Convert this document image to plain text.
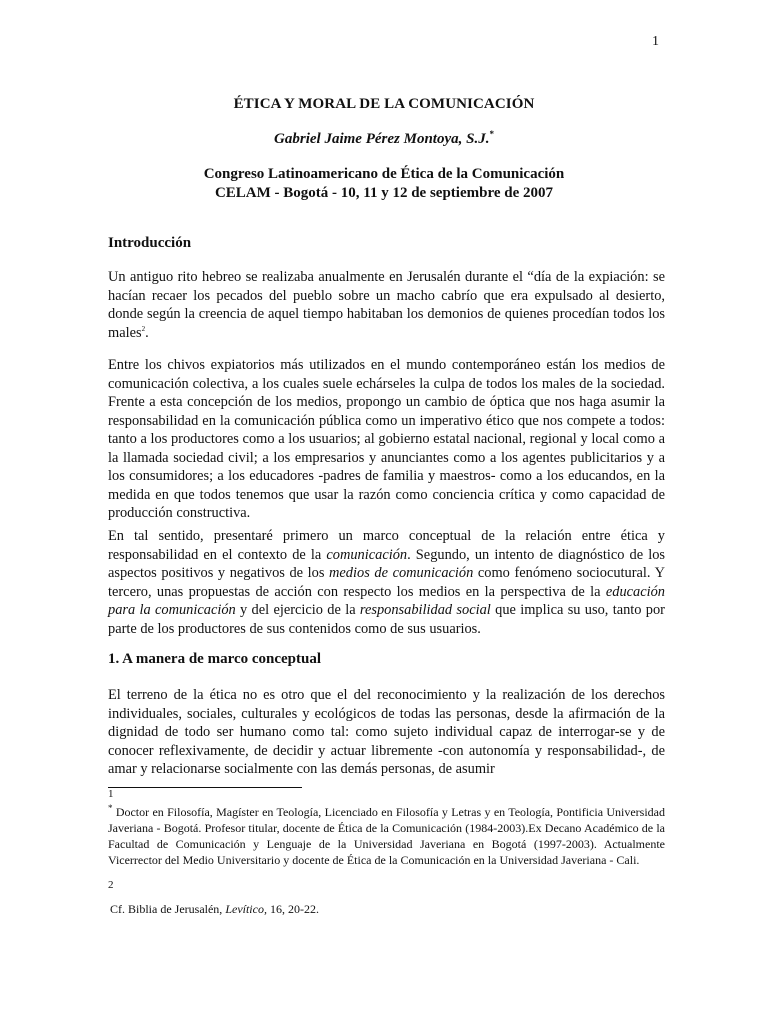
1
ÉTICA Y MORAL DE LA COMUNICACIÓN
Gabriel Jaime Pérez Montoya, S.J.*
Congreso Latinoamericano de Ética de la Comunicación
CELAM - Bogotá - 10, 11 y 12 de septiembre de 2007
Introducción

Un antiguo rito hebreo se realizaba anualmente en Jerusalén durante el “día de la expiación: se hacían recaer los pecados del pueblo sobre un macho cabrío que era expulsado al desierto, donde según la creencia de aquel tiempo habitaban los demonios de quienes procedían todos los males$^2$.

Entre los chivos expiatorios más utilizados en el mundo contemporáneo están los medios de comunicación colectiva, a los cuales suele echárseles la culpa de todos los males de la sociedad. Frente a esta concepción de los medios, propongo un cambio de óptica que nos haga asumir la responsabilidad en la comunicación pública como un imperativo ético que nos compete a todos: tanto a los productores como a los usuarios; al gobierno estatal nacional, regional y local como a la llamada sociedad civil; a los empresarios y anunciantes como a los agentes publicitarios y a los consumidores; a los educadores -padres de familia y maestros- como a los educandos, en la medida en que todos tenemos que usar la razón como conciencia crítica y como capacidad de producción constructiva.

En tal sentido, presentaré primero un marco conceptual de la relación entre ética y responsabilidad en el contexto de la comunicación. Segundo, un intento de diagnóstico de los aspectos positivos y negativos de los medios de comunicación como fenómeno sociocutural. Y tercero, unas propuestas de acción con respecto los medios en la perspectiva de la educación para la comunicación y del ejercicio de la responsabilidad social que implica su uso, tanto por parte de los productores de sus contenidos como de sus usuarios.

1. A manera de marco conceptual

El terreno de la ética no es otro que el del reconocimiento y la realización de los derechos individuales, sociales, culturales y ecológicos de todas las personas, desde la afirmación de la dignidad de todo ser humano como tal: como sujeto individual capaz de interrogar-se y de conocer reflexivamente, de decidir y actuar libremente -con autonomía y responsabilidad-, de amar y relacionarse socialmente con las demás personas, de asumir

1

* Doctor en Filosofía, Magíster en Teología, Licenciado en Filosofía y Letras y en Teología, Pontificia Universidad Javeriana - Bogotá. Profesor titular, docente de Ética de la Comunicación (1984-2003).Ex Decano Académico de la Facultad de Comunicación y Lenguaje de la Universidad Javeriana en Bogotá (1997-2003). Actualmente Vicerrector del Medio Universitario y docente de Ética de la Comunicación en la Universidad Javeriana - Cali.

2
Cf. Biblia de Jerusalén, Levítico, 16, 20-22.
